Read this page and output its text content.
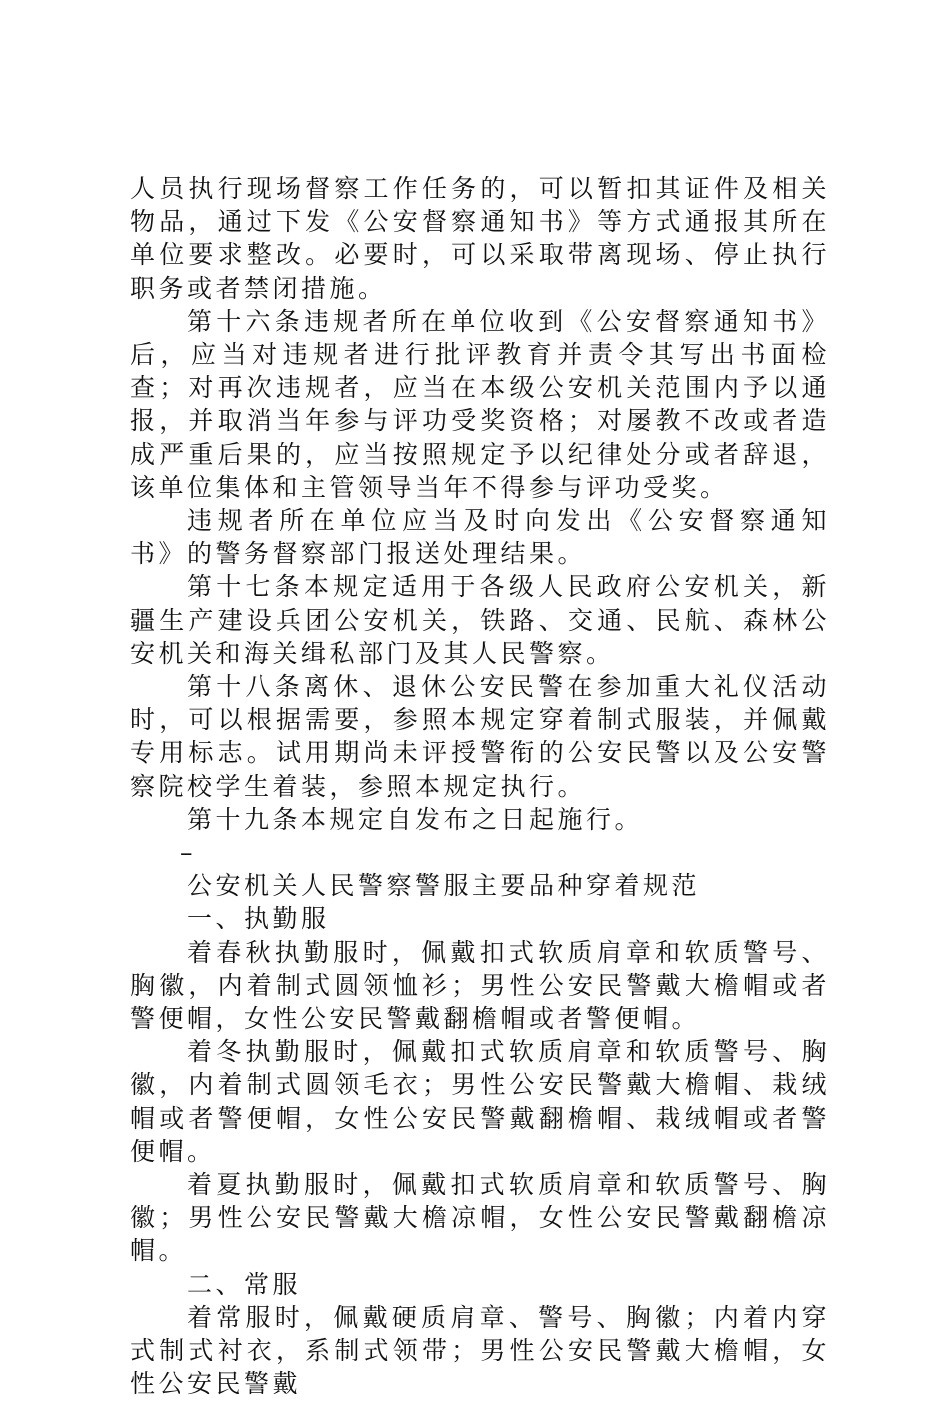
人员执行现场督察工作任务的，可以暂扣其证件及相关物品，通过下发《公安督察通知书》等方式通报其所在单位要求整改。必要时，可以采取带离现场、停止执行职务或者禁闭措施。

第十六条违规者所在单位收到《公安督察通知书》后，应当对违规者进行批评教育并责令其写出书面检查；对再次违规者，应当在本级公安机关范围内予以通报，并取消当年参与评功受奖资格；对屡教不改或者造成严重后果的，应当按照规定予以纪律处分或者辞退，该单位集体和主管领导当年不得参与评功受奖。

违规者所在单位应当及时向发出《公安督察通知书》的警务督察部门报送处理结果。

第十七条本规定适用于各级人民政府公安机关，新疆生产建设兵团公安机关，铁路、交通、民航、森林公安机关和海关缉私部门及其人民警察。

第十八条离休、退休公安民警在参加重大礼仪活动时，可以根据需要，参照本规定穿着制式服装，并佩戴专用标志。试用期尚未评授警衔的公安民警以及公安警察院校学生着装，参照本规定执行。

第十九条本规定自发布之日起施行。

–

公安机关人民警察警服主要品种穿着规范

一、执勤服

着春秋执勤服时，佩戴扣式软质肩章和软质警号、胸徽，内着制式圆领恤衫；男性公安民警戴大檐帽或者警便帽，女性公安民警戴翻檐帽或者警便帽。

着冬执勤服时，佩戴扣式软质肩章和软质警号、胸徽，内着制式圆领毛衣；男性公安民警戴大檐帽、栽绒帽或者警便帽，女性公安民警戴翻檐帽、栽绒帽或者警便帽。

着夏执勤服时，佩戴扣式软质肩章和软质警号、胸徽；男性公安民警戴大檐凉帽，女性公安民警戴翻檐凉帽。

二、常服

着常服时，佩戴硬质肩章、警号、胸徽；内着内穿式制式衬衣，系制式领带；男性公安民警戴大檐帽，女性公安民警戴
